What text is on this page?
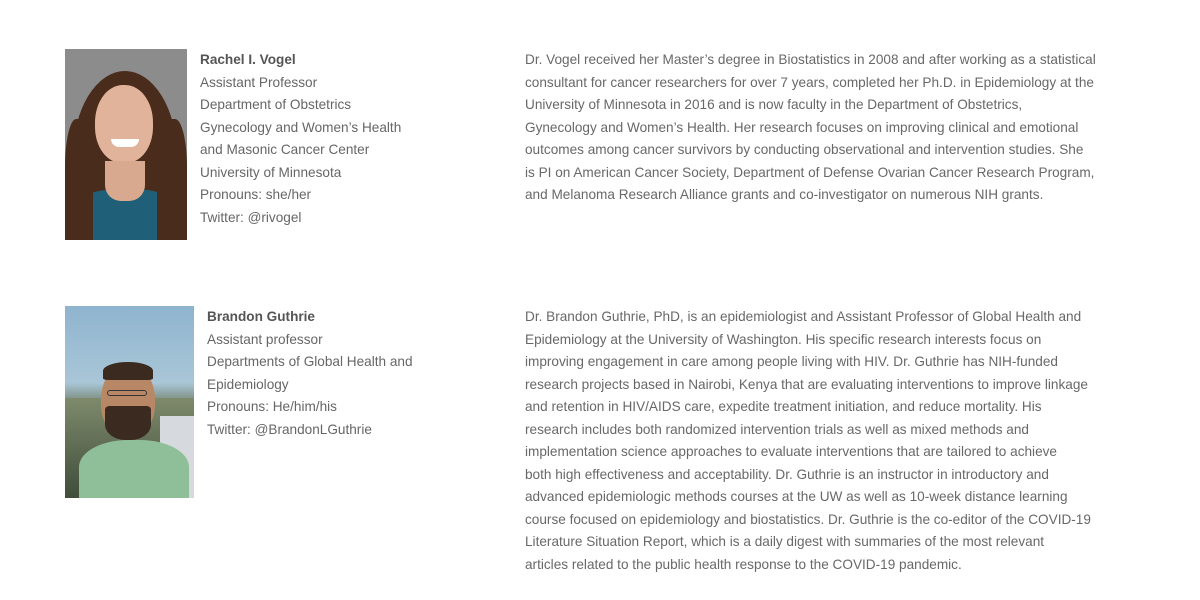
Rachel I. Vogel
Assistant Professor
Department of Obstetrics
Gynecology and Women’s Health
and Masonic Cancer Center
University of Minnesota
Pronouns: she/her
Twitter: @rivogel

Dr. Vogel received her Master’s degree in Biostatistics in 2008 and after working as a statistical

consultant for cancer researchers for over 7 years, completed her Ph.D. in Epidemiology at the

University of Minnesota in 2016 and is now faculty in the Department of Obstetrics,

Gynecology and Women’s Health. Her research focuses on improving clinical and emotional

outcomes among cancer survivors by conducting observational and intervention studies. She

is PI on American Cancer Society, Department of Defense Ovarian Cancer Research Program,

and Melanoma Research Alliance grants and co-investigator on numerous NIH grants.

Brandon Guthrie
Assistant professor
Departments of Global Health and
Epidemiology
Pronouns: He/him/his
Twitter: @BrandonLGuthrie

Dr. Brandon Guthrie, PhD, is an epidemiologist and Assistant Professor of Global Health and

Epidemiology at the University of Washington. His specific research interests focus on

improving engagement in care among people living with HIV. Dr. Guthrie has NIH-funded

research projects based in Nairobi, Kenya that are evaluating interventions to improve linkage

and retention in HIV/AIDS care, expedite treatment initiation, and reduce mortality. His

research includes both randomized intervention trials as well as mixed methods and

implementation science approaches to evaluate interventions that are tailored to achieve

both high effectiveness and acceptability. Dr. Guthrie is an instructor in introductory and

advanced epidemiologic methods courses at the UW as well as 10-week distance learning

course focused on epidemiology and biostatistics. Dr. Guthrie is the co-editor of the COVID-19

Literature Situation Report, which is a daily digest with summaries of the most relevant

articles related to the public health response to the COVID-19 pandemic.
